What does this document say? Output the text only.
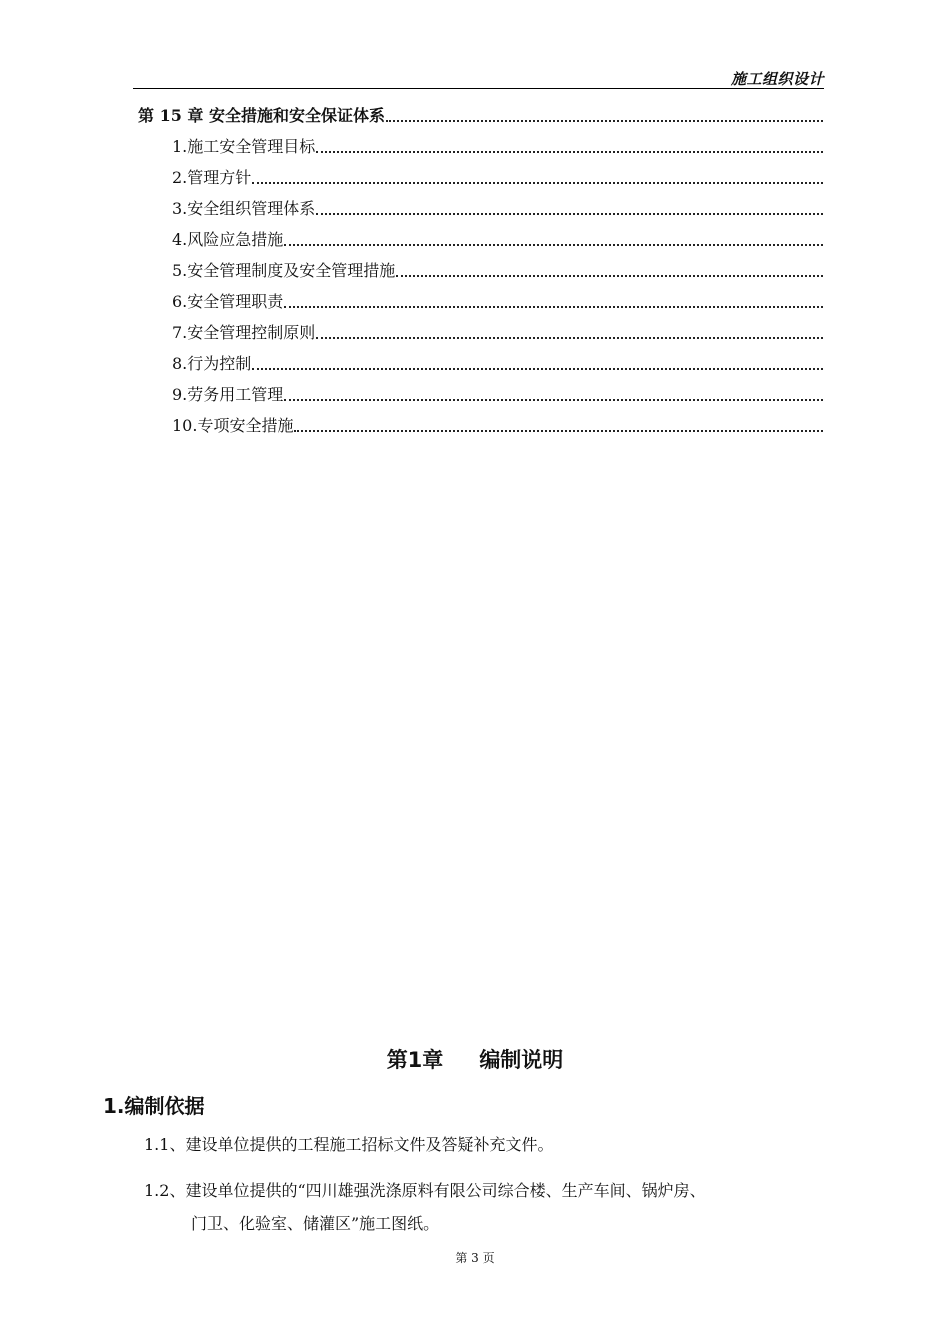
施工组织设计
第 15 章 安全措施和安全保证体系
1.施工安全管理目标
2.管理方针
3.安全组织管理体系
4.风险应急措施
5.安全管理制度及安全管理措施
6.安全管理职责
7.安全管理控制原则
8.行为控制
9.劳务用工管理
10.专项安全措施
第1章 编制说明
1.编制依据
1.1、建设单位提供的工程施工招标文件及答疑补充文件。
1.2、建设单位提供的“四川雄强洗涤原料有限公司综合楼、生产车间、锅炉房、
门卫、化验室、储灌区”施工图纸。
第 3 页
